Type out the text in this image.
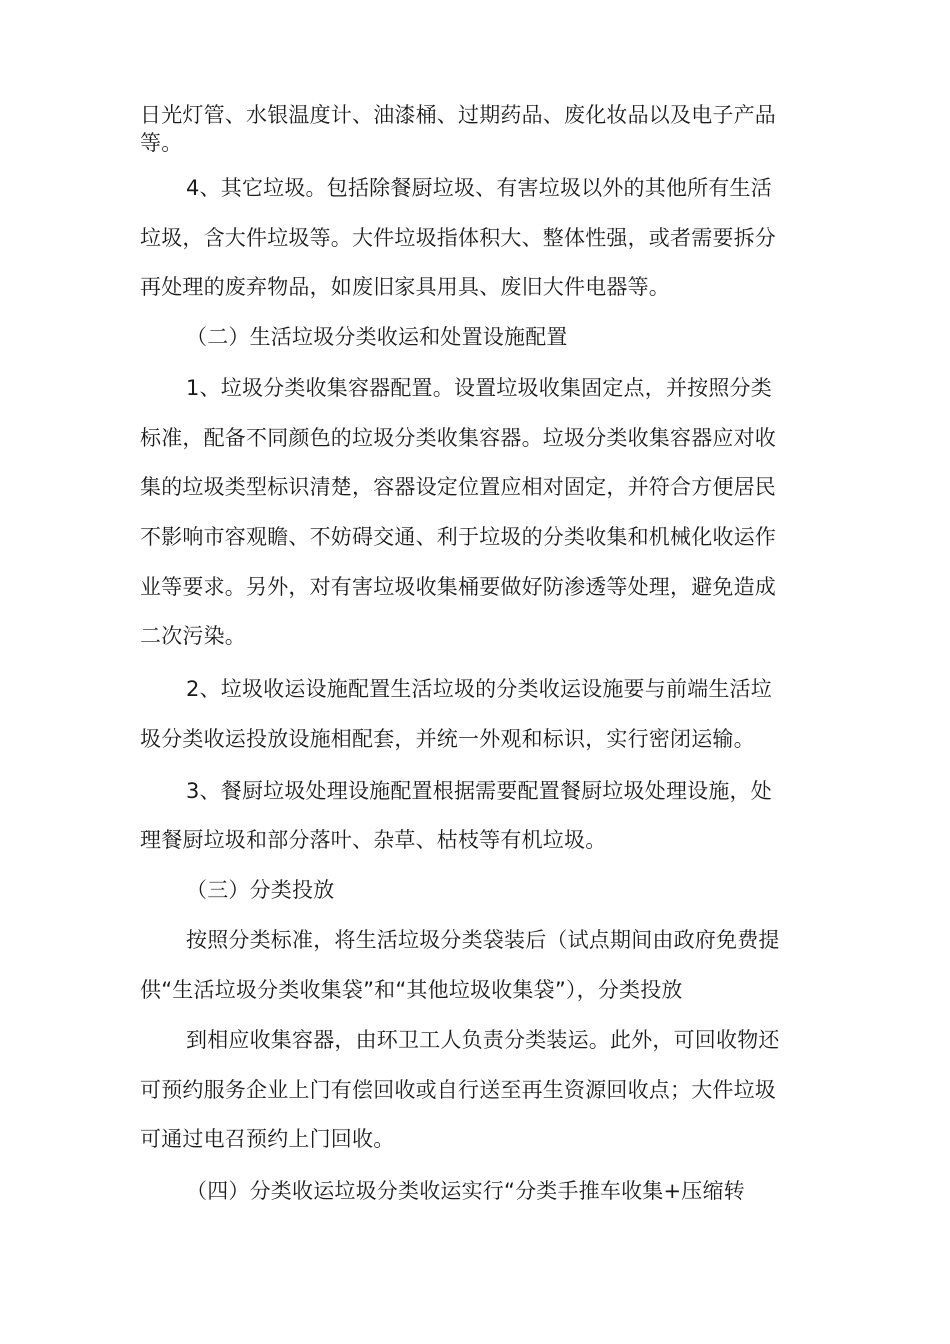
日光灯管、水银温度计、油漆桶、过期药品、废化妆品以及电子产品
等。
4、其它垃圾。包括除餐厨垃圾、有害垃圾以外的其他所有生活
垃圾，含大件垃圾等。大件垃圾指体积大、整体性强，或者需要拆分
再处理的废弃物品，如废旧家具用具、废旧大件电器等。
（二）生活垃圾分类收运和处置设施配置
1、垃圾分类收集容器配置。设置垃圾收集固定点，并按照分类
标准，配备不同颜色的垃圾分类收集容器。垃圾分类收集容器应对收
集的垃圾类型标识清楚，容器设定位置应相对固定，并符合方便居民
不影响市容观瞻、不妨碍交通、利于垃圾的分类收集和机械化收运作
业等要求。另外，对有害垃圾收集桶要做好防渗透等处理，避免造成
二次污染。
2、垃圾收运设施配置生活垃圾的分类收运设施要与前端生活垃
圾分类收运投放设施相配套，并统一外观和标识，实行密闭运输。
3、餐厨垃圾处理设施配置根据需要配置餐厨垃圾处理设施，处
理餐厨垃圾和部分落叶、杂草、枯枝等有机垃圾。
（三）分类投放
按照分类标准，将生活垃圾分类袋装后（试点期间由政府免费提
供“生活垃圾分类收集袋”和“其他垃圾收集袋”），分类投放
到相应收集容器，由环卫工人负责分类装运。此外，可回收物还
可预约服务企业上门有偿回收或自行送至再生资源回收点；大件垃圾
可通过电召预约上门回收。
（四）分类收运垃圾分类收运实行“分类手推车收集+压缩转
